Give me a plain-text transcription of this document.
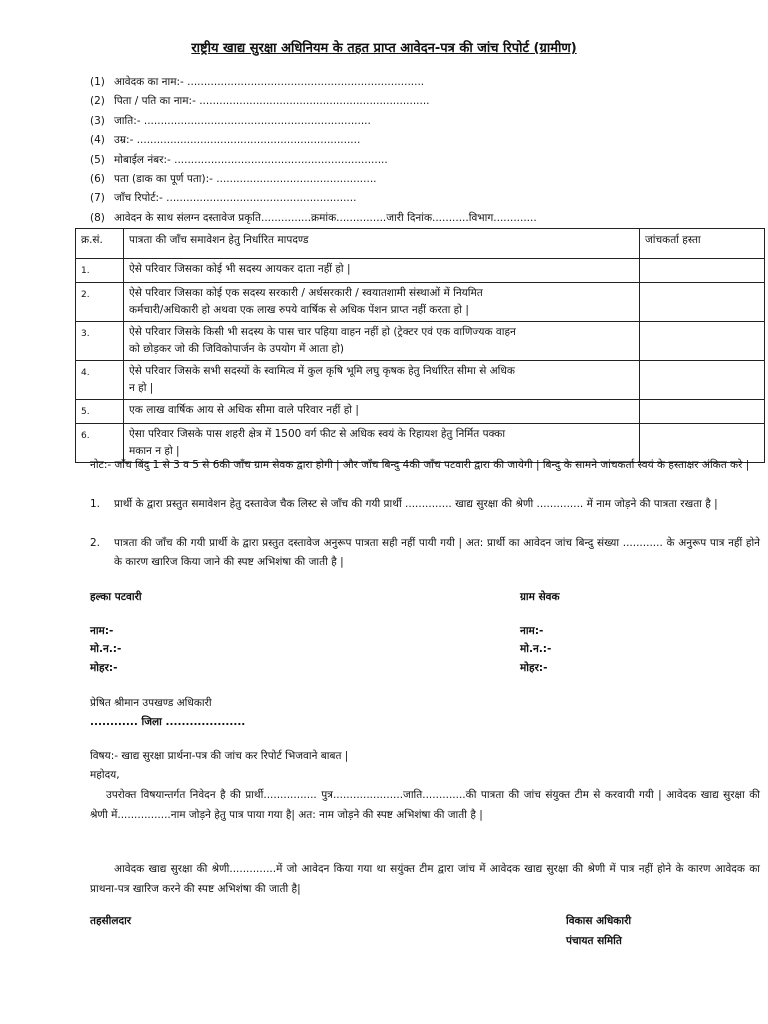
राष्ट्रीय खाद्य सुरक्षा अधिनियम के तहत प्राप्त आवेदन-पत्र की जांच रिपोर्ट (ग्रामीण)
(1) आवेदक का नाम:- .......................................................................
(2) पिता / पति का नाम:- .....................................................................
(3) जाति:- ....................................................................
(4) उम्र:- ...................................................................
(5) मोबाईल नंबर:- ................................................................
(6) पता (डाक का पूर्ण पता):- ................................................
(7) जाँच रिपोर्ट:- .........................................................
(8) आवेदन के साथ संलग्न दस्तावेज प्रकृति...............क्रमांक...............जारी दिनांक...........विभाग.............
क्र.सं.	पात्रता की जाँच समावेशन हेतु निर्धारित मापदण्ड	जांचकर्ता हस्ता
1.	ऐसे परिवार जिसका कोई भी सदस्य आयकर दाता नहीं हो |	

2.	ऐसे परिवार जिसका कोई एक सदस्य सरकारी / अर्धसरकारी / स्वयातशामी संस्थाओं में नियमित
कर्मचारी/अधिकारी हो अथवा एक लाख रुपये वार्षिक से अधिक पेंशन प्राप्त नहीं करता हो |	

3.	ऐसे परिवार जिसके किसी भी सदस्य के पास चार पहिया वाहन नहीं हो (ट्रेक्टर एवं एक वाणिज्यक वाहन
को छोड़कर जो की जिविकोपार्जन के उपयोग में आता हो)	

4.	ऐसे परिवार जिसके सभी सदस्यों के स्वामित्व में कुल कृषि भूमि लघु कृषक हेतु निर्धारित सीमा से अधिक
न हो |	

5.	एक लाख वार्षिक आय से अधिक सीमा वाले परिवार नहीं हो |	

6.	ऐसा परिवार जिसके पास शहरी क्षेत्र में 1500 वर्ग फीट से अधिक स्वयं के रिहायश हेतु निर्मित पक्का
मकान न हो |	

नोट:- जाँच बिंदु 1 से 3 व 5 से 6की जाँच ग्राम सेवक द्वारा होगी | और जाँच बिन्दु 4की जाँच पटवारी द्वारा की जायेगी | बिन्दु के सामने जांचकर्ता स्वयं के हस्ताक्षर अंकित करे |
1. प्रार्थी के द्वारा प्रस्तुत समावेशन हेतु दस्तावेज चैक लिस्ट से जाँच की गयी प्रार्थी .............. खाद्य सुरक्षा की श्रेणी .............. में नाम जोड़ने की पात्रता रखता है |
2. पात्रता की जाँच की गयी प्रार्थी के द्वारा प्रस्तुत दस्तावेज अनुरूप पात्रता सही नहीं पायी गयी | अत: प्रार्थी का आवेदन जांच बिन्दु संख्या ............ के अनुरूप पात्र नहीं होने के कारण खारिज किया जाने की स्पष्ट अभिशंषा की जाती है |
हल्का पटवारी
नाम:-
मो.न.:-
मोहर:-
ग्राम सेवक
नाम:-
मो.न.:-
मोहर:-
प्रेषित श्रीमान उपखण्ड अधिकारी
............ जिला ....................
विषय:- खाद्य सुरक्षा प्रार्थना-पत्र की जांच कर रिपोर्ट भिजवाने बाबत |
महोदय,
उपरोक्त विषयान्तर्गत निवेदन है की प्रार्थी................ पुत्र.....................जाति.............की पात्रता की जांच संयुक्त टीम से करवायी गयी | आवेदक खाद्य सुरक्षा की श्रेणी में................नाम जोड़ने हेतु पात्र पाया गया है| अत: नाम जोड़ने की स्पष्ट अभिशंषा की जाती है |
आवेदक खाद्य सुरक्षा की श्रेणी..............में जो आवेदन किया गया था सयुंक्त टीम द्वारा जांच में आवेदक खाद्य सुरक्षा की श्रेणी में पात्र नहीं होने के कारण आवेदक का प्राथना-पत्र खारिज करने की स्पष्ट अभिशंषा की जाती है|
तहसीलदार	विकास अधिकारी
पंचायत समिति
